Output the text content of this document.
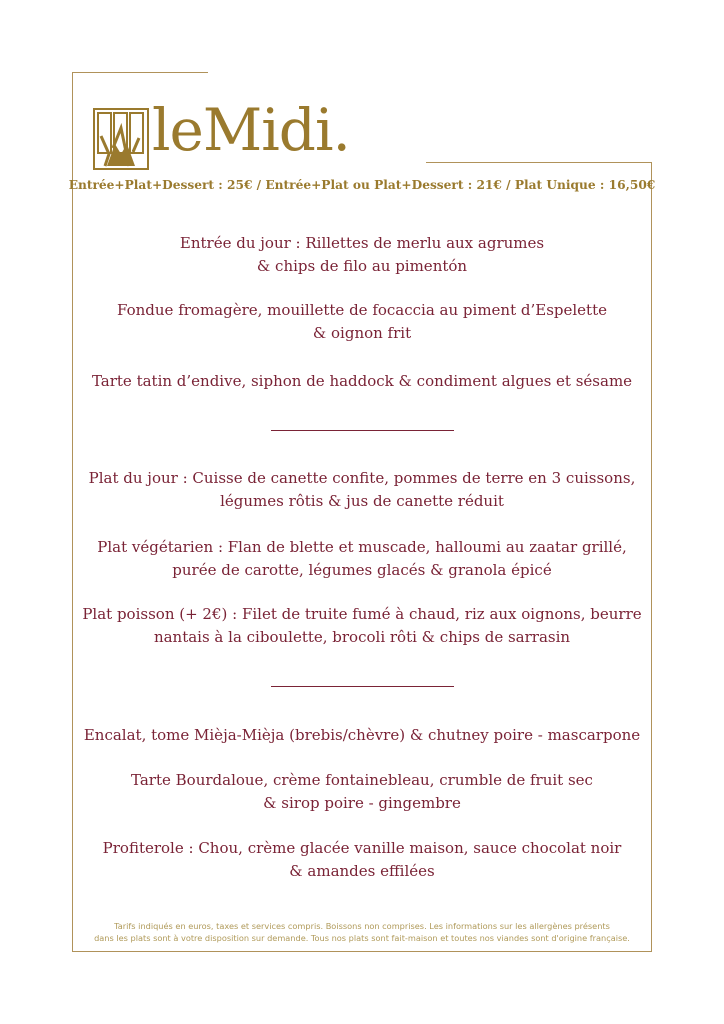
leMidi.
Entrée+Plat+Dessert : 25€ / Entrée+Plat ou Plat+Dessert : 21€ / Plat Unique : 16,50€
Entrée du jour : Rillettes de merlu aux agrumes
& chips de filo au pimentón
Fondue fromagère, mouillette de focaccia au piment d’Espelette
& oignon frit
Tarte tatin d’endive, siphon de haddock & condiment algues et sésame
Plat du jour : Cuisse de canette confite, pommes de terre en 3 cuissons,
légumes rôtis & jus de canette réduit
Plat végétarien : Flan de blette et muscade, halloumi au zaatar grillé,
purée de carotte, légumes glacés & granola épicé
Plat poisson (+ 2€) : Filet de truite fumé à chaud, riz aux oignons, beurre
nantais à la ciboulette, brocoli rôti & chips de sarrasin
Encalat, tome Mièja-Mièja (brebis/chèvre) & chutney poire - mascarpone
Tarte Bourdaloue, crème fontainebleau, crumble de fruit sec
& sirop poire - gingembre
Profiterole : Chou, crème glacée vanille maison, sauce chocolat noir
& amandes effilées
Tarifs indiqués en euros, taxes et services compris. Boissons non comprises. Les informations sur les allergènes présents
dans les plats sont à votre disposition sur demande. Tous nos plats sont fait-maison et toutes nos viandes sont d'origine française.
